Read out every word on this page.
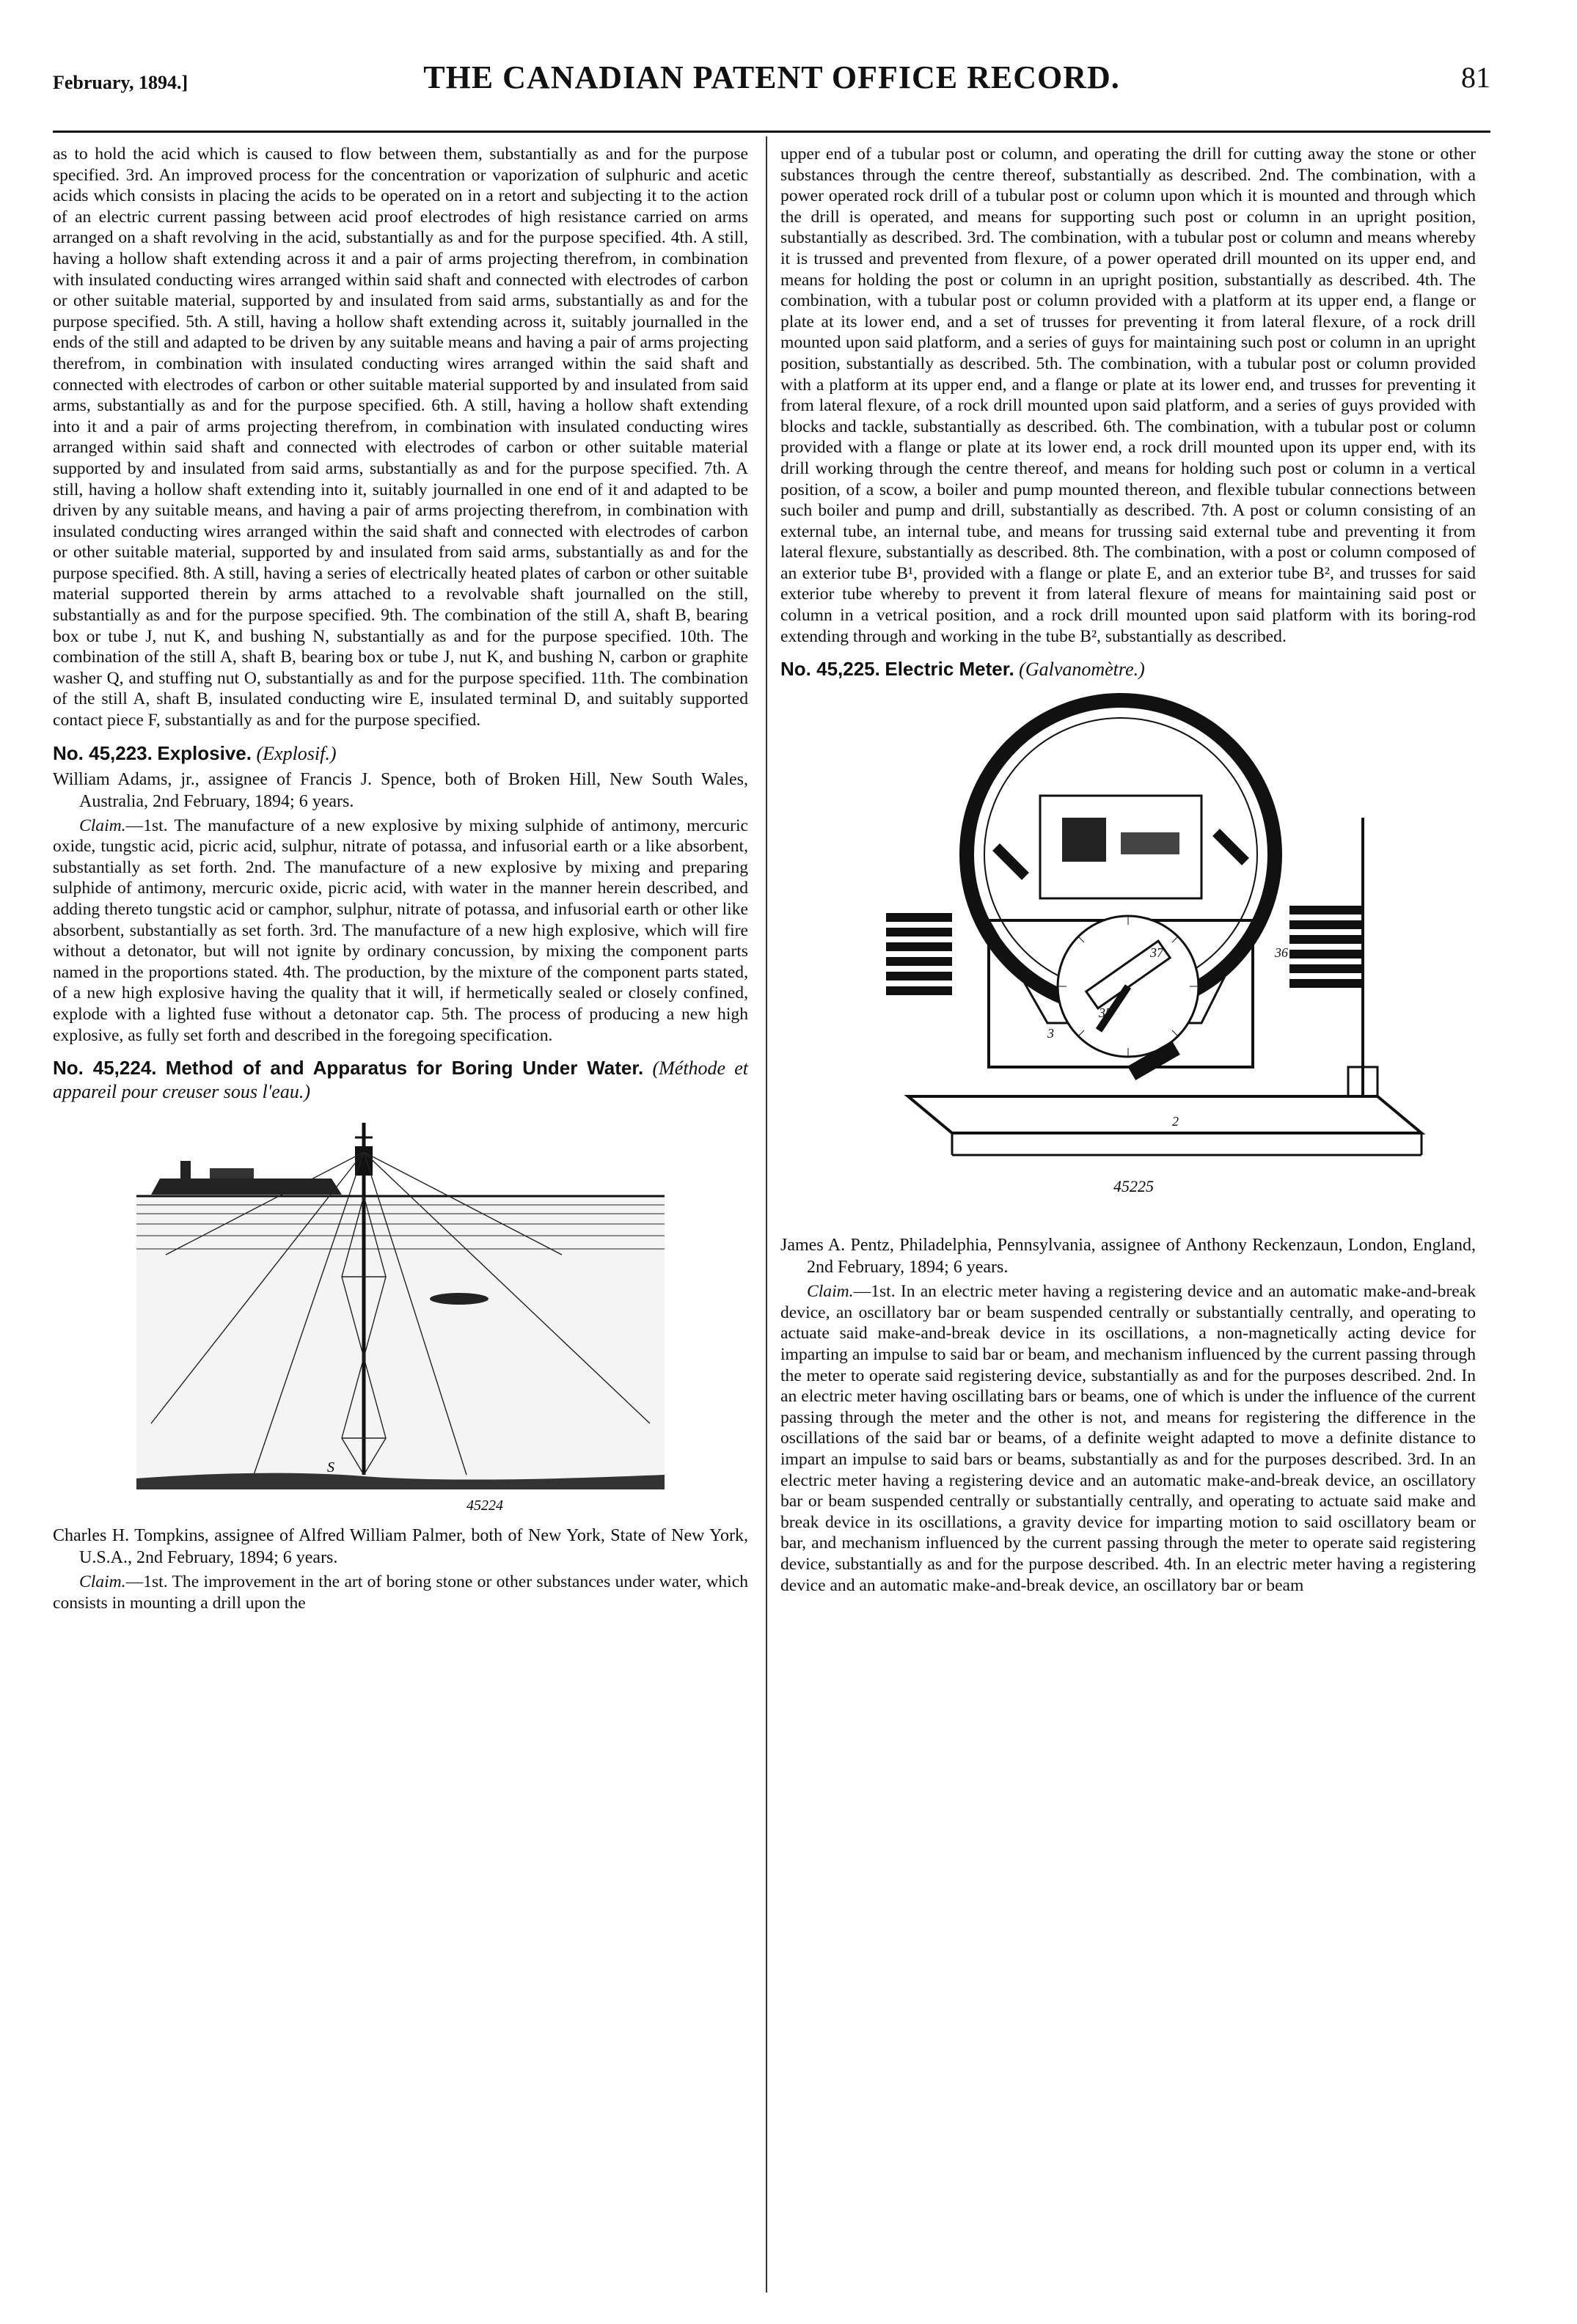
February, 1894.]	THE CANADIAN PATENT OFFICE RECORD.	81

as to hold the acid which is caused to flow between them, substantially as and for the purpose specified. 3rd. An improved process for the concentration or vaporization of sulphuric and acetic acids which consists in placing the acids to be operated on in a retort and subjecting it to the action of an electric current passing between acid proof electrodes of high resistance carried on arms arranged on a shaft revolving in the acid, substantially as and for the purpose specified. 4th. A still, having a hollow shaft extending across it and a pair of arms projecting therefrom, in combination with insulated conducting wires arranged within said shaft and connected with electrodes of carbon or other suitable material, supported by and insulated from said arms, substantially as and for the purpose specified. 5th. A still, having a hollow shaft extending across it, suitably journalled in the ends of the still and adapted to be driven by any suitable means and having a pair of arms projecting therefrom, in combination with insulated conducting wires arranged within the said shaft and connected with electrodes of carbon or other suitable material supported by and insulated from said arms, substantially as and for the purpose specified. 6th. A still, having a hollow shaft extending into it and a pair of arms projecting therefrom, in combination with insulated conducting wires arranged within said shaft and connected with electrodes of carbon or other suitable material supported by and insulated from said arms, substantially as and for the purpose specified. 7th. A still, having a hollow shaft extending into it, suitably journalled in one end of it and adapted to be driven by any suitable means, and having a pair of arms projecting therefrom, in combination with insulated conducting wires arranged within the said shaft and connected with electrodes of carbon or other suitable material, supported by and insulated from said arms, substantially as and for the purpose specified. 8th. A still, having a series of electrically heated plates of carbon or other suitable material supported therein by arms attached to a revolvable shaft journalled on the still, substantially as and for the purpose specified. 9th. The combination of the still A, shaft B, bearing box or tube J, nut K, and bushing N, substantially as and for the purpose specified. 10th. The combination of the still A, shaft B, bearing box or tube J, nut K, and bushing N, carbon or graphite washer Q, and stuffing nut O, substantially as and for the purpose specified. 11th. The combination of the still A, shaft B, insulated conducting wire E, insulated terminal D, and suitably supported contact piece F, substantially as and for the purpose specified.

No. 45,223. Explosive. (Explosif.)

William Adams, jr., assignee of Francis J. Spence, both of Broken Hill, New South Wales, Australia, 2nd February, 1894; 6 years.

Claim.—1st. The manufacture of a new explosive by mixing sulphide of antimony, mercuric oxide, tungstic acid, picric acid, sulphur, nitrate of potassa, and infusorial earth or a like absorbent, substantially as set forth. 2nd. The manufacture of a new explosive by mixing and preparing sulphide of antimony, mercuric oxide, picric acid, with water in the manner herein described, and adding thereto tungstic acid or camphor, sulphur, nitrate of potassa, and infusorial earth or other like absorbent, substantially as set forth. 3rd. The manufacture of a new high explosive, which will fire without a detonator, but will not ignite by ordinary concussion, by mixing the component parts named in the proportions stated. 4th. The production, by the mixture of the component parts stated, of a new high explosive having the quality that it will, if hermetically sealed or closely confined, explode with a lighted fuse without a detonator cap. 5th. The process of producing a new high explosive, as fully set forth and described in the foregoing specification.

No. 45,224. Method of and Apparatus for Boring Under Water. (Méthode et appareil pour creuser sous l'eau.)
S
45224

Charles H. Tompkins, assignee of Alfred William Palmer, both of New York, State of New York, U.S.A., 2nd February, 1894; 6 years.

Claim.—1st. The improvement in the art of boring stone or other substances under water, which consists in mounting a drill upon the

upper end of a tubular post or column, and operating the drill for cutting away the stone or other substances through the centre thereof, substantially as described. 2nd. The combination, with a power operated rock drill of a tubular post or column upon which it is mounted and through which the drill is operated, and means for supporting such post or column in an upright position, substantially as described. 3rd. The combination, with a tubular post or column and means whereby it is trussed and prevented from flexure, of a power operated drill mounted on its upper end, and means for holding the post or column in an upright position, substantially as described. 4th. The combination, with a tubular post or column provided with a platform at its upper end, a flange or plate at its lower end, and a set of trusses for preventing it from lateral flexure, of a rock drill mounted upon said platform, and a series of guys for maintaining such post or column in an upright position, substantially as described. 5th. The combination, with a tubular post or column provided with a platform at its upper end, and a flange or plate at its lower end, and trusses for preventing it from lateral flexure, of a rock drill mounted upon said platform, and a series of guys provided with blocks and tackle, substantially as described. 6th. The combination, with a tubular post or column provided with a flange or plate at its lower end, a rock drill mounted upon its upper end, with its drill working through the centre thereof, and means for holding such post or column in a vertical position, of a scow, a boiler and pump mounted thereon, and flexible tubular connections between such boiler and pump and drill, substantially as described. 7th. A post or column consisting of an external tube, an internal tube, and means for trussing said external tube and preventing it from lateral flexure, substantially as described. 8th. The combination, with a post or column composed of an exterior tube B¹, provided with a flange or plate E, and an exterior tube B², and trusses for said exterior tube whereby to prevent it from lateral flexure of means for maintaining said post or column in a vetrical position, and a rock drill mounted upon said platform with its boring-rod extending through and working in the tube B², substantially as described.

No. 45,225. Electric Meter. (Galvanomètre.)
37
35
3
2
36
45225

James A. Pentz, Philadelphia, Pennsylvania, assignee of Anthony Reckenzaun, London, England, 2nd February, 1894; 6 years.

Claim.—1st. In an electric meter having a registering device and an automatic make-and-break device, an oscillatory bar or beam suspended centrally or substantially centrally, and operating to actuate said make-and-break device in its oscillations, a non-magnetically acting device for imparting an impulse to said bar or beam, and mechanism influenced by the current passing through the meter to operate said registering device, substantially as and for the purposes described. 2nd. In an electric meter having oscillating bars or beams, one of which is under the influence of the current passing through the meter and the other is not, and means for registering the difference in the oscillations of the said bar or beams, of a definite weight adapted to move a definite distance to impart an impulse to said bars or beams, substantially as and for the purposes described. 3rd. In an electric meter having a registering device and an automatic make-and-break device, an oscillatory bar or beam suspended centrally or substantially centrally, and operating to actuate said make and break device in its oscillations, a gravity device for imparting motion to said oscillatory beam or bar, and mechanism influenced by the current passing through the meter to operate said registering device, substantially as and for the purpose described. 4th. In an electric meter having a registering device and an automatic make-and-break device, an oscillatory bar or beam
